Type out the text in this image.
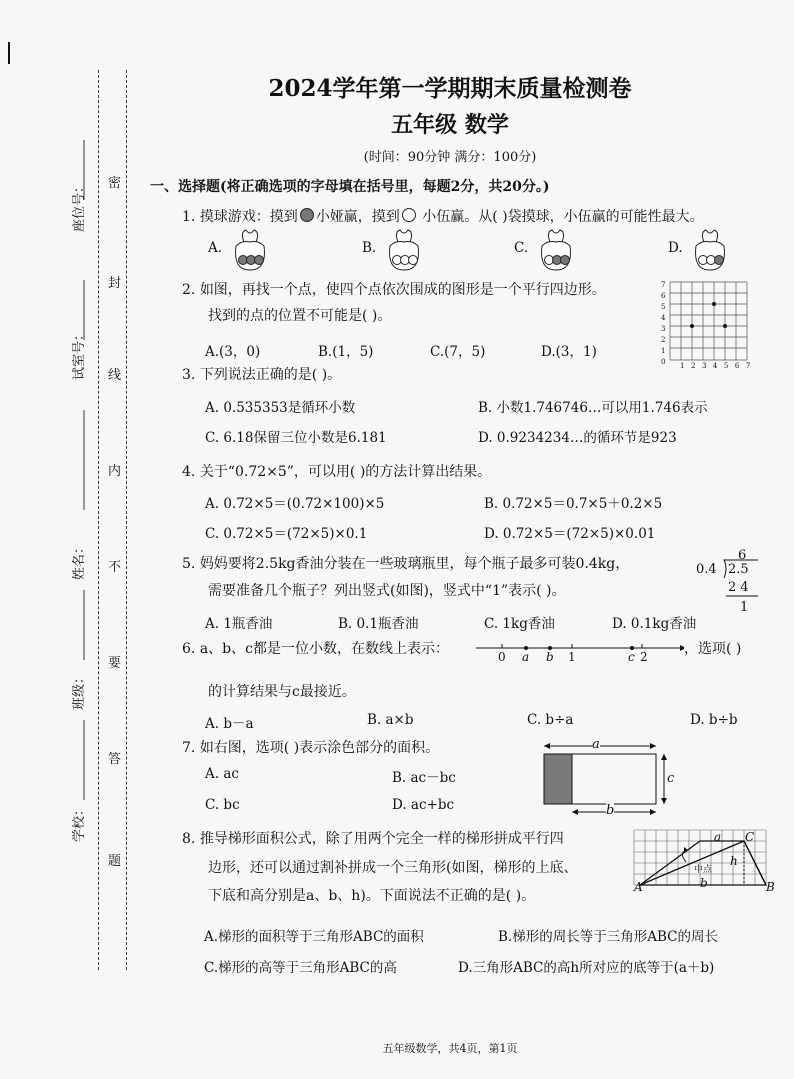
座位号：
试室号：
姓名：
班级：
学校：
密
封
线
内
不
要
答
题
2024学年第一学期期末质量检测卷
五年级 数学
(时间：90分钟 满分：100分)
一、选择题(将正确选项的字母填在括号里，每题2分，共20分。)
1. 摸球游戏：摸到 小娅赢，摸到 小伍赢。从( )袋摸球，小伍赢的可能性最大。
A.	B.	C.	D.
2. 如图，再找一个点，使四个点依次围成的图形是一个平行四边形。
找到的点的位置不可能是( )。
A.(3，0)	B.(1，5)	C.(7，5)	D.(3，1)
7
6
5
4
3
2
1
0 1234567
3. 下列说法正确的是( )。
A. 0.535353是循环小数	B. 小数1.746746…可以用1.746表示
C. 6.18保留三位小数是6.181	D. 0.9234234…的循环节是923
4. 关于“0.72×5”，可以用( )的方法计算出结果。
A. 0.72×5＝(0.72×100)×5	B. 0.72×5＝0.7×5＋0.2×5
C. 0.72×5＝(72×5)×0.1	D. 0.72×5＝(72×5)×0.01
5. 妈妈要将2.5kg香油分装在一些玻璃瓶里，每个瓶子最多可装0.4kg，
需要准备几个瓶子？列出竖式(如图)，竖式中“1”表示( )。
A. 1瓶香油	B. 0.1瓶香油	C. 1kg香油	D. 0.1kg香油
6
0.4 2.5
2 4
1
6. a、b、c都是一位小数，在数线上表示：	，选项( )
0 a b 1	c 2
的计算结果与c最接近。
A. b－a	B. a×b	C. b÷a	D. b÷b
7. 如右图，选项( )表示涂色部分的面积。
A. ac	B. ac－bc
C. bc	D. ac+bc
a
c
b
8. 推导梯形面积公式，除了用两个完全一样的梯形拼成平行四
边形，还可以通过割补拼成一个三角形(如图，梯形的上底、
下底和高分别是a、b、h)。下面说法不正确的是( )。
A.梯形的面积等于三角形ABC的面积	B.梯形的周长等于三角形ABC的周长
C.梯形的高等于三角形ABC的高	D.三角形ABC的高h所对应的底等于(a＋b)
a C
h
中点
A	b	B
五年级数学，共4页，第1页
